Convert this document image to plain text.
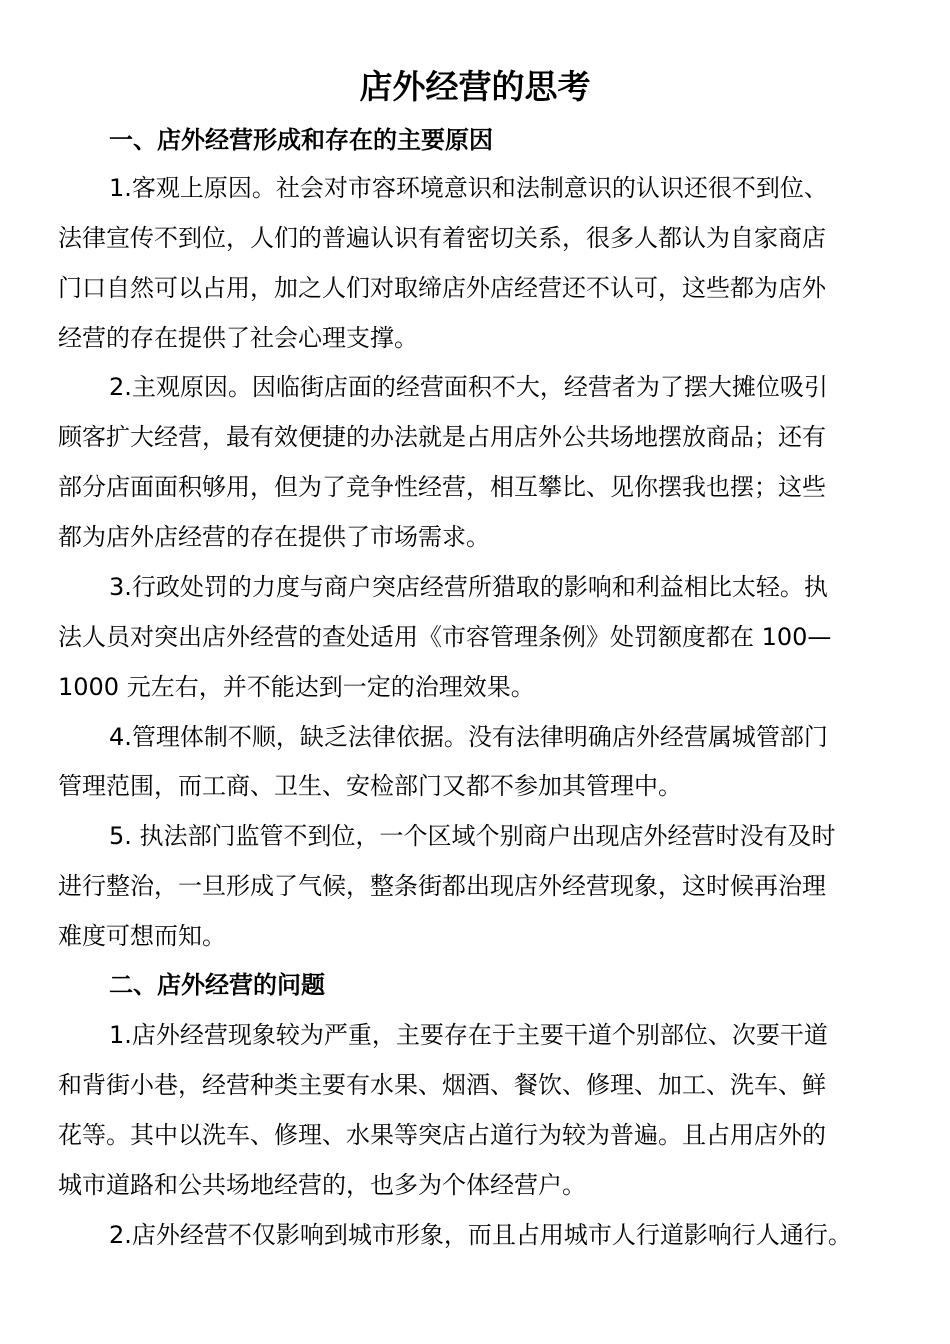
店外经营的思考
一、店外经营形成和存在的主要原因
1.客观上原因。社会对市容环境意识和法制意识的认识还很不到位、
法律宣传不到位，人们的普遍认识有着密切关系，很多人都认为自家商店
门口自然可以占用，加之人们对取缔店外店经营还不认可，这些都为店外
经营的存在提供了社会心理支撑。
2.主观原因。因临街店面的经营面积不大，经营者为了摆大摊位吸引
顾客扩大经营，最有效便捷的办法就是占用店外公共场地摆放商品；还有
部分店面面积够用，但为了竞争性经营，相互攀比、见你摆我也摆；这些
都为店外店经营的存在提供了市场需求。
3.行政处罚的力度与商户突店经营所猎取的影响和利益相比太轻。执
法人员对突出店外经营的查处适用《市容管理条例》处罚额度都在 100—
1000 元左右，并不能达到一定的治理效果。
4.管理体制不顺，缺乏法律依据。没有法律明确店外经营属城管部门
管理范围，而工商、卫生、安检部门又都不参加其管理中。
5. 执法部门监管不到位，一个区域个别商户出现店外经营时没有及时
进行整治，一旦形成了气候，整条街都出现店外经营现象，这时候再治理
难度可想而知。
二、店外经营的问题
1.店外经营现象较为严重，主要存在于主要干道个别部位、次要干道
和背街小巷，经营种类主要有水果、烟酒、餐饮、修理、加工、洗车、鲜
花等。其中以洗车、修理、水果等突店占道行为较为普遍。且占用店外的
城市道路和公共场地经营的，也多为个体经营户。
2.店外经营不仅影响到城市形象，而且占用城市人行道影响行人通行。
